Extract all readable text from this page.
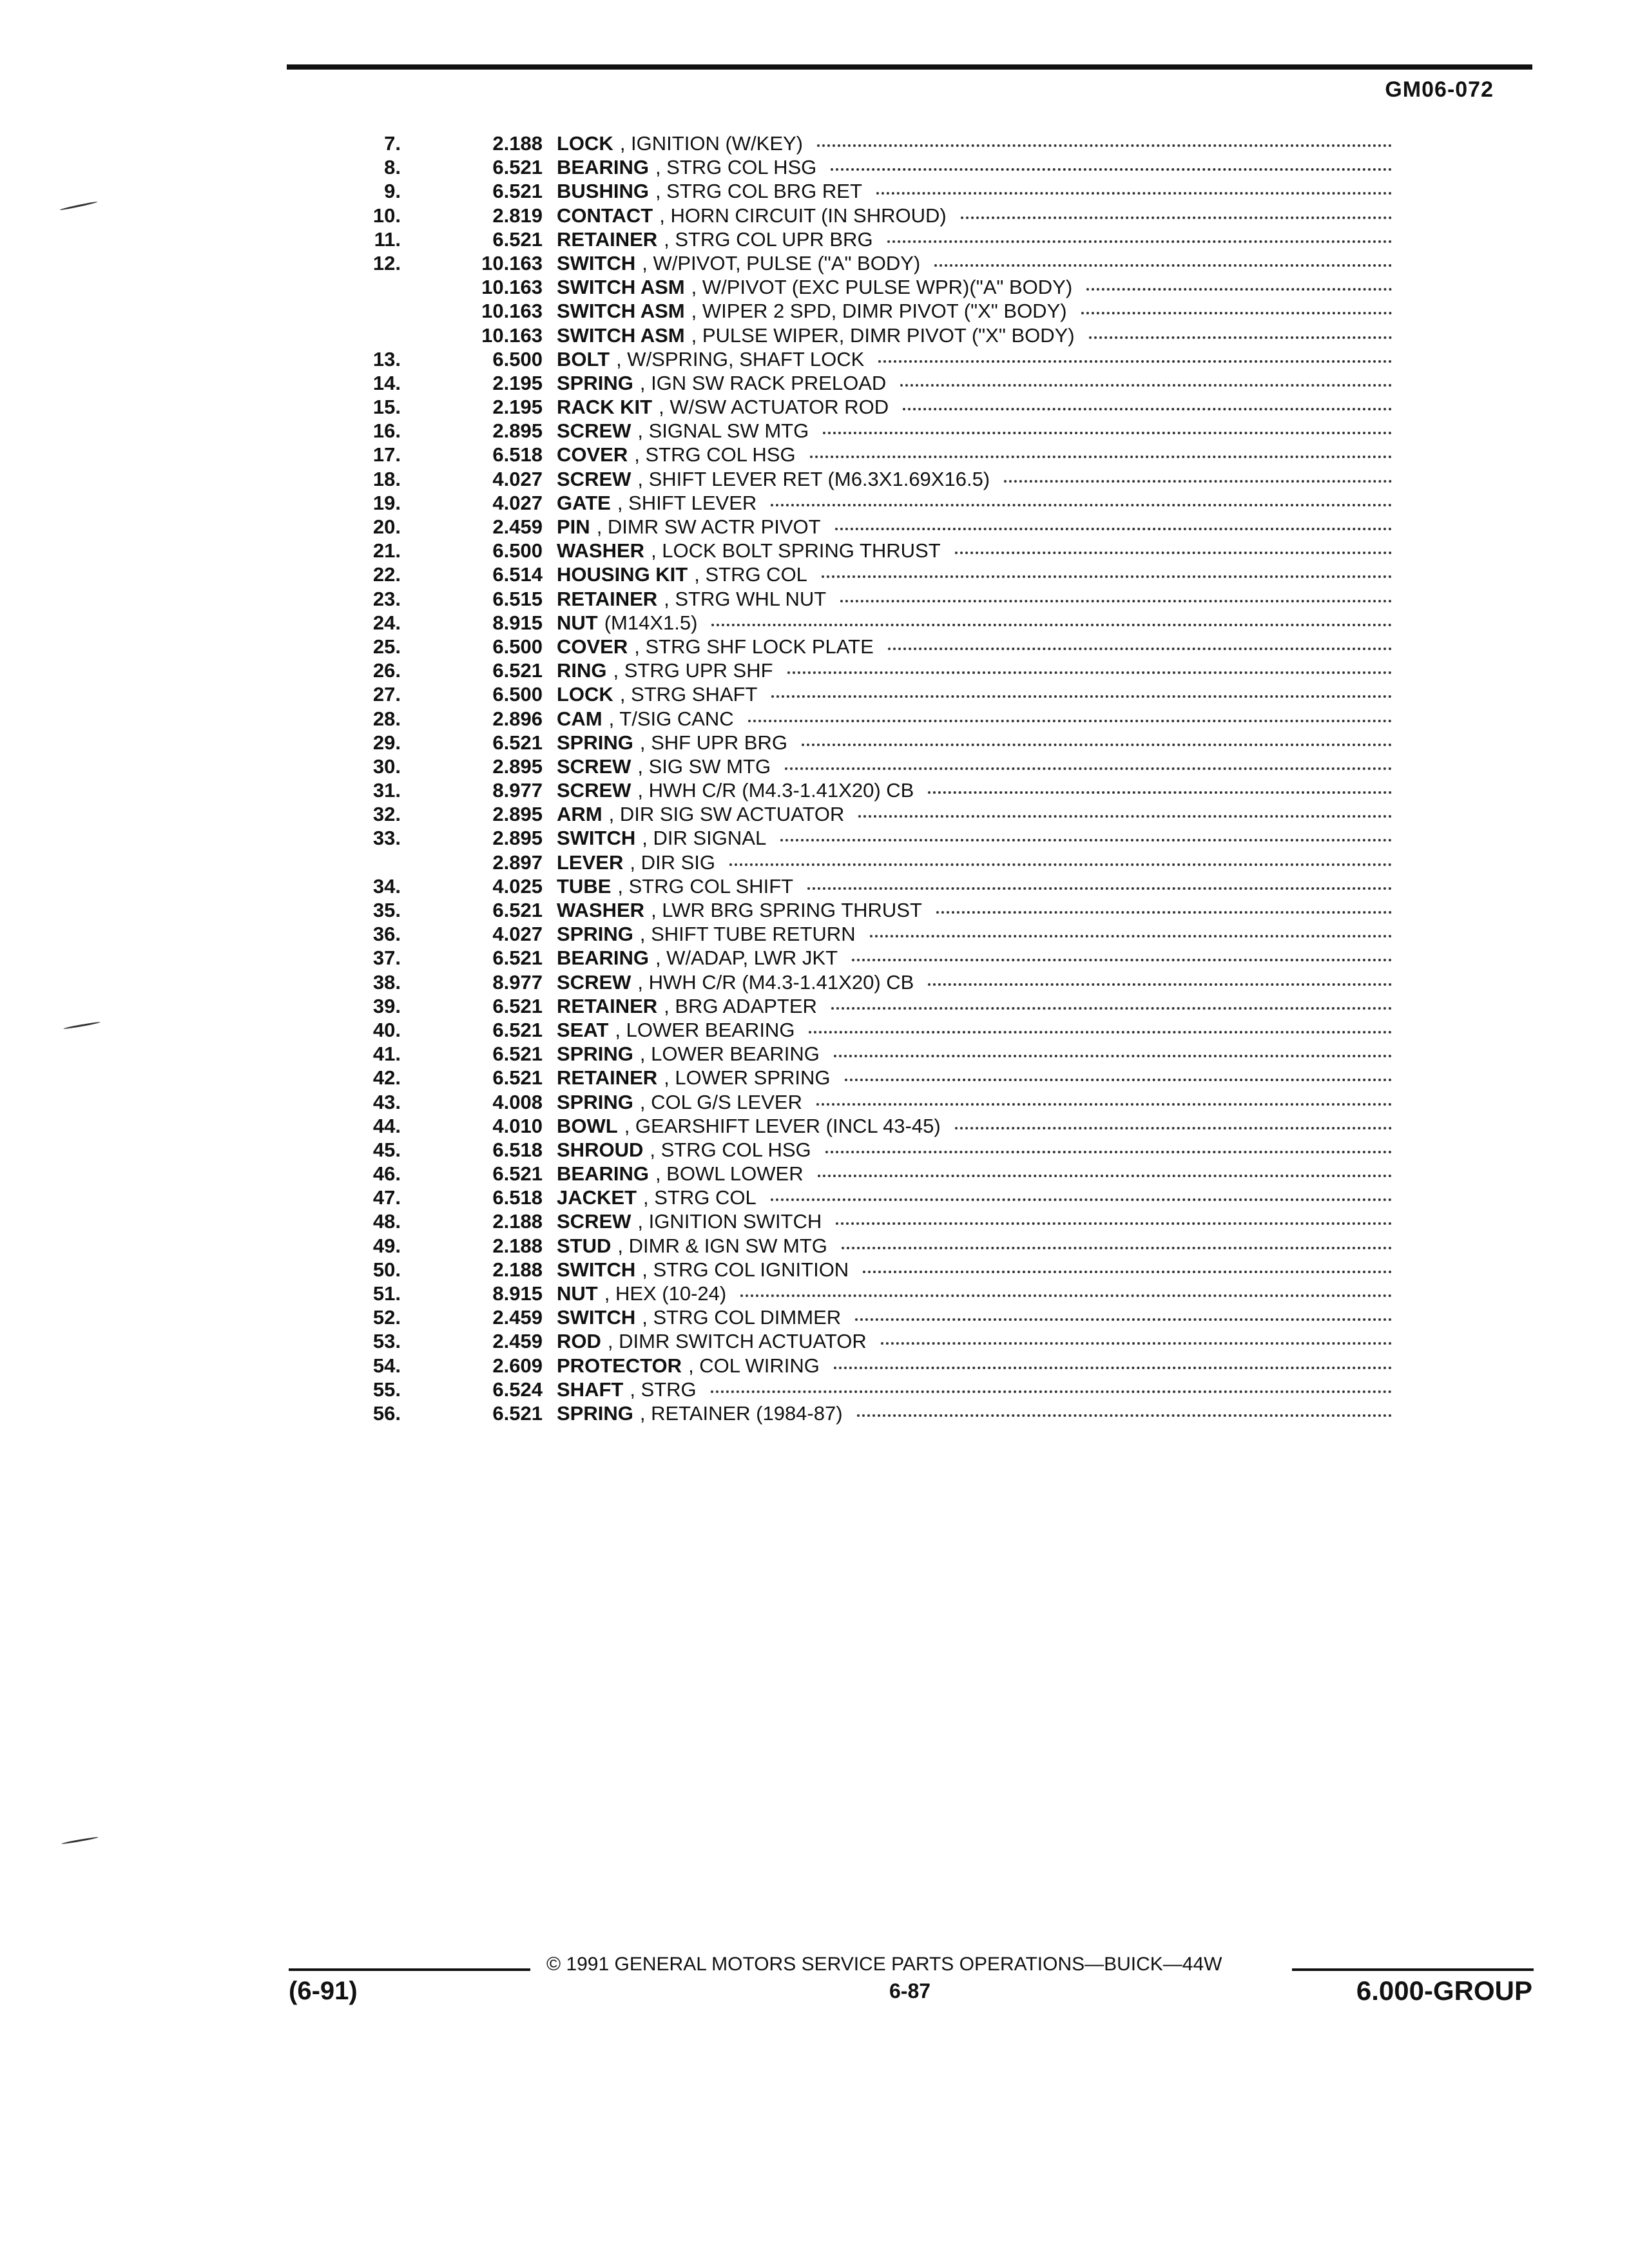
GM06-072
7.	2.188 LOCK , IGNITION (W/KEY)
8.	6.521 BEARING , STRG COL HSG
9.	6.521 BUSHING , STRG COL BRG RET
10.	2.819 CONTACT , HORN CIRCUIT (IN SHROUD)
11.	6.521 RETAINER , STRG COL UPR BRG
12.	10.163 SWITCH , W/PIVOT, PULSE ("A" BODY)
10.163 SWITCH ASM , W/PIVOT (EXC PULSE WPR)("A" BODY)
10.163 SWITCH ASM , WIPER 2 SPD, DIMR PIVOT ("X" BODY)
10.163 SWITCH ASM , PULSE WIPER, DIMR PIVOT ("X" BODY)
13.	6.500 BOLT , W/SPRING, SHAFT LOCK
14.	2.195 SPRING , IGN SW RACK PRELOAD
15.	2.195 RACK KIT , W/SW ACTUATOR ROD
16.	2.895 SCREW , SIGNAL SW MTG
17.	6.518 COVER , STRG COL HSG
18.	4.027 SCREW , SHIFT LEVER RET (M6.3X1.69X16.5)
19.	4.027 GATE , SHIFT LEVER
20.	2.459 PIN , DIMR SW ACTR PIVOT
21.	6.500 WASHER , LOCK BOLT SPRING THRUST
22.	6.514 HOUSING KIT , STRG COL
23.	6.515 RETAINER , STRG WHL NUT
24.	8.915 NUT (M14X1.5)
25.	6.500 COVER , STRG SHF LOCK PLATE
26.	6.521 RING , STRG UPR SHF
27.	6.500 LOCK , STRG SHAFT
28.	2.896 CAM , T/SIG CANC
29.	6.521 SPRING , SHF UPR BRG
30.	2.895 SCREW , SIG SW MTG
31.	8.977 SCREW , HWH C/R (M4.3-1.41X20) CB
32.	2.895 ARM , DIR SIG SW ACTUATOR
33.	2.895 SWITCH , DIR SIGNAL
2.897 LEVER , DIR SIG
34.	4.025 TUBE , STRG COL SHIFT
35.	6.521 WASHER , LWR BRG SPRING THRUST
36.	4.027 SPRING , SHIFT TUBE RETURN
37.	6.521 BEARING , W/ADAP, LWR JKT
38.	8.977 SCREW , HWH C/R (M4.3-1.41X20) CB
39.	6.521 RETAINER , BRG ADAPTER
40.	6.521 SEAT , LOWER BEARING
41.	6.521 SPRING , LOWER BEARING
42.	6.521 RETAINER , LOWER SPRING
43.	4.008 SPRING , COL G/S LEVER
44.	4.010 BOWL , GEARSHIFT LEVER (INCL 43-45)
45.	6.518 SHROUD , STRG COL HSG
46.	6.521 BEARING , BOWL LOWER
47.	6.518 JACKET , STRG COL
48.	2.188 SCREW , IGNITION SWITCH
49.	2.188 STUD , DIMR & IGN SW MTG
50.	2.188 SWITCH , STRG COL IGNITION
51.	8.915 NUT , HEX (10-24)
52.	2.459 SWITCH , STRG COL DIMMER
53.	2.459 ROD , DIMR SWITCH ACTUATOR
54.	2.609 PROTECTOR , COL WIRING
55.	6.524 SHAFT , STRG
56.	6.521 SPRING , RETAINER (1984-87)
© 1991 GENERAL MOTORS SERVICE PARTS OPERATIONS—BUICK—44W
(6-91)	6-87	6.000-GROUP
